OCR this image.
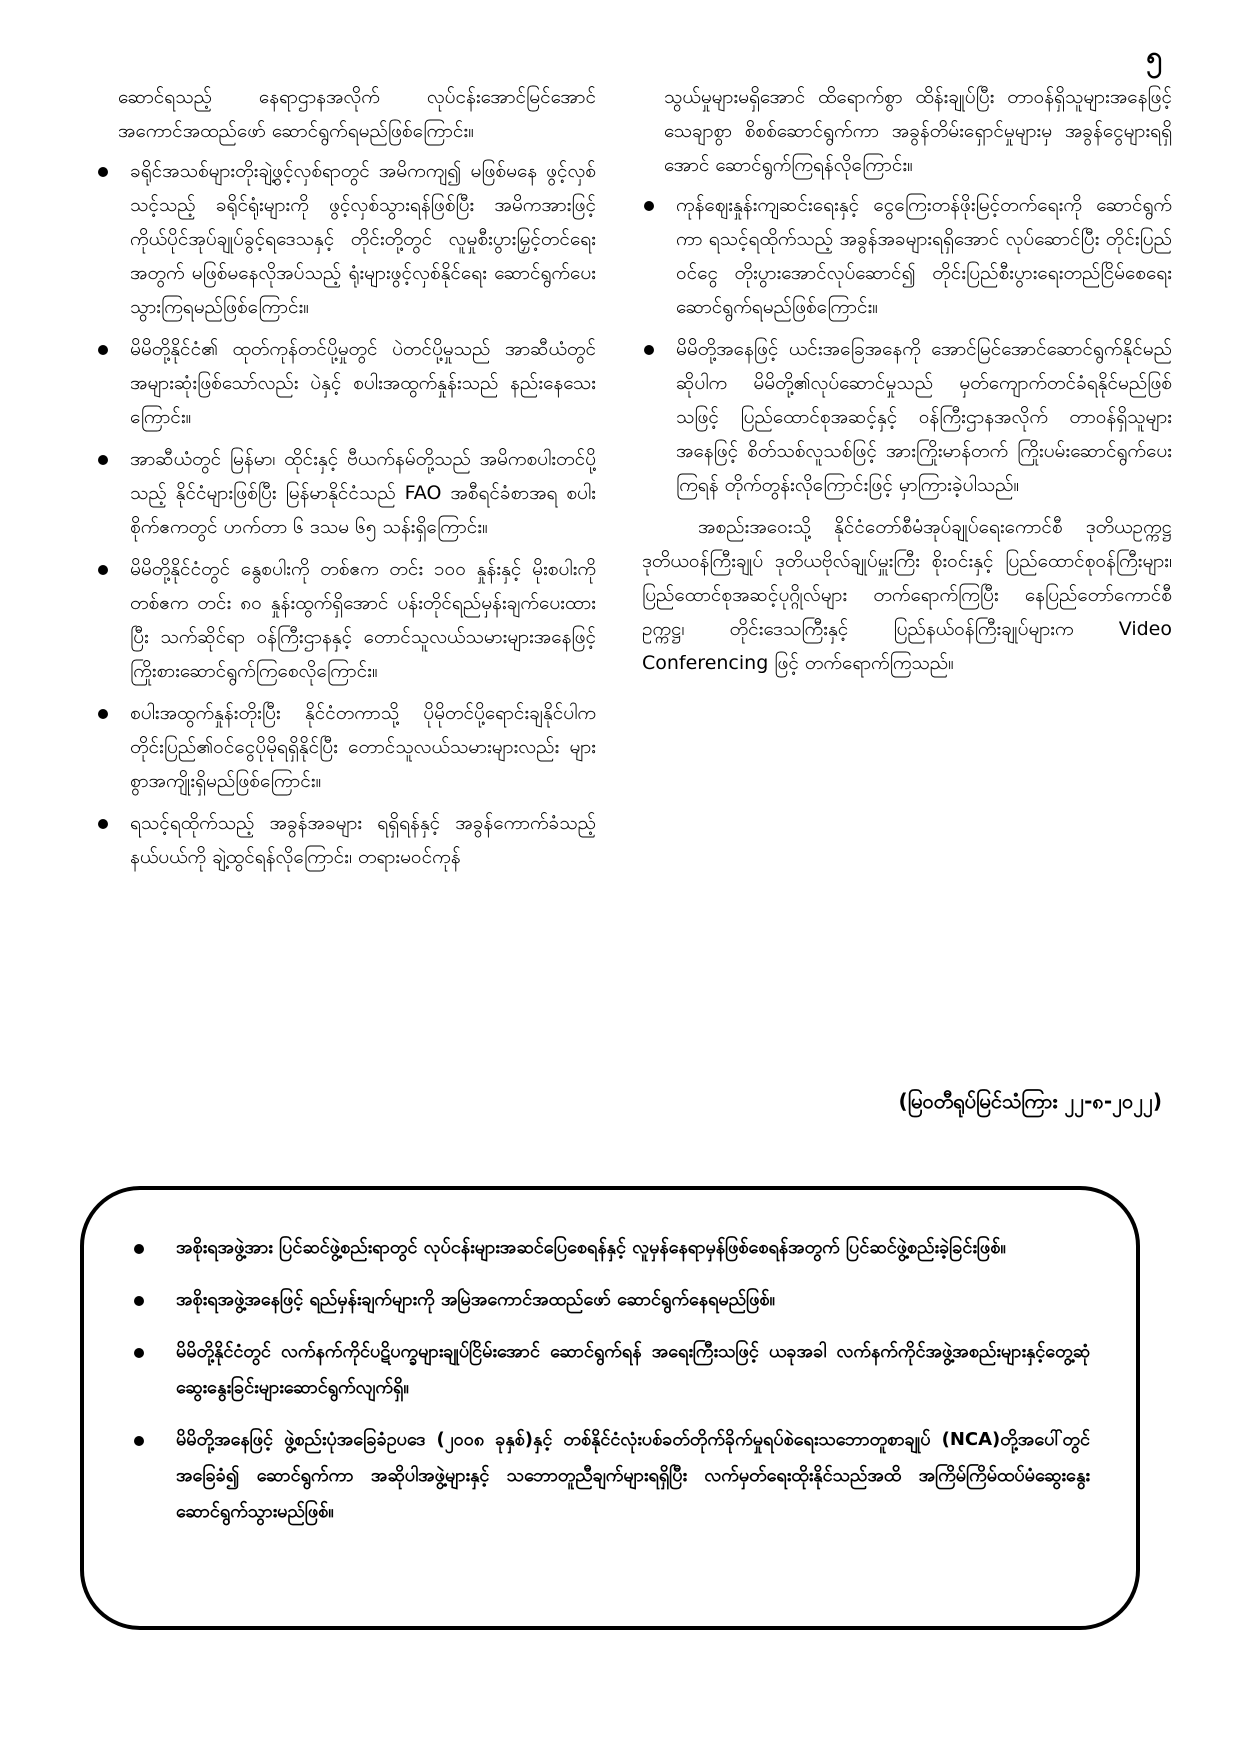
၅

ဆောင်ရသည့် နေရာဌာနအလိုက် လုပ်ငန်းအောင်မြင်အောင် အကောင်အထည်ဖော် ဆောင်ရွက်ရမည်ဖြစ်ကြောင်း။

ခရိုင်အသစ်များတိုးချဲ့ဖွင့်လှစ်ရာတွင် အမိကကျ၍ မဖြစ်မနေ ဖွင့်လှစ်သင့်သည့် ခရိုင်ရုံးများကို ဖွင့်လှစ်သွားရန်ဖြစ်ပြီး အမိကအားဖြင့် ကိုယ်ပိုင်အုပ်ချုပ်ခွင့်ရဒေသနှင့် တိုင်းတို့တွင် လူမှုစီးပွားမြှင့်တင်ရေးအတွက် မဖြစ်မနေလိုအပ်သည့် ရုံးများဖွင့်လှစ်နိုင်ရေး ဆောင်ရွက်ပေးသွားကြရမည်ဖြစ်ကြောင်း။
မိမိတို့နိုင်ငံ၏ ထုတ်ကုန်တင်ပို့မှုတွင် ပဲတင်ပို့မှုသည် အာဆီယံတွင် အများဆုံးဖြစ်သော်လည်း ပဲနှင့် စပါးအထွက်နှုန်းသည် နည်းနေသေးကြောင်း။
အာဆီယံတွင် မြန်မာ၊ ထိုင်းနှင့် ဗီယက်နမ်တို့သည် အမိကစပါးတင်ပို့သည့် နိုင်ငံများဖြစ်ပြီး မြန်မာနိုင်ငံသည် FAO အစီရင်ခံစာအရ စပါးစိုက်ဧကတွင် ဟက်တာ ၆ ဒသမ ၆၅ သန်းရှိကြောင်း။
မိမိတို့နိုင်ငံတွင် နွေစပါးကို တစ်ဧက တင်း ၁၀၀ နှုန်းနှင့် မိုးစပါးကို တစ်ဧက တင်း ၈၀ နှုန်းထွက်ရှိအောင် ပန်းတိုင်ရည်မှန်းချက်ပေးထားပြီး သက်ဆိုင်ရာ ဝန်ကြီးဌာနနှင့် တောင်သူလယ်သမားများအနေဖြင့် ကြိုးစားဆောင်ရွက်ကြစေလိုကြောင်း။
စပါးအထွက်နှုန်းတိုးပြီး နိုင်ငံတကာသို့ ပိုမိုတင်ပို့ရောင်းချနိုင်ပါက တိုင်းပြည်၏ဝင်ငွေပိုမိုရရှိနိုင်ပြီး တောင်သူလယ်သမားများလည်း များစွာအကျိုးရှိမည်ဖြစ်ကြောင်း။
ရသင့်ရထိုက်သည့် အခွန်အခများ ရရှိရန်နှင့် အခွန်ကောက်ခံသည့် နယ်ပယ်ကို ချဲ့ထွင်ရန်လိုကြောင်း၊ တရားမဝင်ကုန်

သွယ်မှုများမရှိအောင် ထိရောက်စွာ ထိန်းချုပ်ပြီး တာဝန်ရှိသူများအနေဖြင့် သေချာစွာ စိစစ်ဆောင်ရွက်ကာ အခွန်တိမ်းရှောင်မှုများမှ အခွန်ငွေများရရှိအောင် ဆောင်ရွက်ကြရန်လိုကြောင်း။

ကုန်ဈေးနှုန်းကျဆင်းရေးနှင့် ငွေကြေးတန်ဖိုးမြင့်တက်ရေးကို ဆောင်ရွက်ကာ ရသင့်ရထိုက်သည့် အခွန်အခများရရှိအောင် လုပ်ဆောင်ပြီး တိုင်းပြည်ဝင်ငွေ တိုးပွားအောင်လုပ်ဆောင်၍ တိုင်းပြည်စီးပွားရေးတည်ငြိမ်စေရေး ဆောင်ရွက်ရမည်ဖြစ်ကြောင်း။
မိမိတို့အနေဖြင့် ယင်းအခြေအနေကို အောင်မြင်အောင်ဆောင်ရွက်နိုင်မည်ဆိုပါက မိမိတို့၏လုပ်ဆောင်မှုသည် မှတ်ကျောက်တင်ခံရနိုင်မည်ဖြစ်သဖြင့် ပြည်ထောင်စုအဆင့်နှင့် ဝန်ကြီးဌာနအလိုက် တာဝန်ရှိသူများအနေဖြင့် စိတ်သစ်လူသစ်ဖြင့် အားကြိုးမာန်တက် ကြိုးပမ်းဆောင်ရွက်ပေးကြရန် တိုက်တွန်းလိုကြောင်းဖြင့် မှာကြားခဲ့ပါသည်။

အစည်းအဝေးသို့ နိုင်ငံတော်စီမံအုပ်ချုပ်ရေးကောင်စီ ဒုတိယဥက္ကဋ္ဌ ဒုတိယဝန်ကြီးချုပ် ဒုတိယဗိုလ်ချုပ်မှူးကြီး စိုးဝင်းနှင့် ပြည်ထောင်စုဝန်ကြီးများ၊ ပြည်ထောင်စုအဆင့်ပုဂ္ဂိုလ်များ တက်ရောက်ကြပြီး နေပြည်တော်ကောင်စီဥက္ကဋ္ဌ၊ တိုင်းဒေသကြီးနှင့် ပြည်နယ်ဝန်ကြီးချုပ်များက Video Conferencing ဖြင့် တက်ရောက်ကြသည်။

(မြဝတီရုပ်မြင်သံကြား ၂၂-၈-၂၀၂၂)
အစိုးရအဖွဲ့အား ပြင်ဆင်ဖွဲ့စည်းရာတွင် လုပ်ငန်းများအဆင်ပြေစေရန်နှင့် လူမှန်နေရာမှန်ဖြစ်စေရန်အတွက် ပြင်ဆင်ဖွဲ့စည်းခဲ့ခြင်းဖြစ်။
အစိုးရအဖွဲ့အနေဖြင့် ရည်မှန်းချက်များကို အမြဲအကောင်အထည်ဖော် ဆောင်ရွက်နေရမည်ဖြစ်။
မိမိတို့နိုင်ငံတွင် လက်နက်ကိုင်ပဋိပက္ခများချုပ်ငြိမ်းအောင် ဆောင်ရွက်ရန် အရေးကြီးသဖြင့် ယခုအခါ လက်နက်ကိုင်အဖွဲ့အစည်းများနှင့်တွေ့ဆုံဆွေးနွေးခြင်းများဆောင်ရွက်လျက်ရှိ။
မိမိတို့အနေဖြင့် ဖွဲ့စည်းပုံအခြေခံဥပဒေ (၂၀၀၈ ခုနှစ်)နှင့် တစ်နိုင်ငံလုံးပစ်ခတ်တိုက်ခိုက်မှုရပ်စဲရေးသဘောတူစာချုပ် (NCA)တို့အပေါ်တွင် အခြေခံ၍ ဆောင်ရွက်ကာ အဆိုပါအဖွဲ့များနှင့် သဘောတူညီချက်များရရှိပြီး လက်မှတ်ရေးထိုးနိုင်သည်အထိ အကြိမ်ကြိမ်ထပ်မံဆွေးနွေးဆောင်ရွက်သွားမည်ဖြစ်။
